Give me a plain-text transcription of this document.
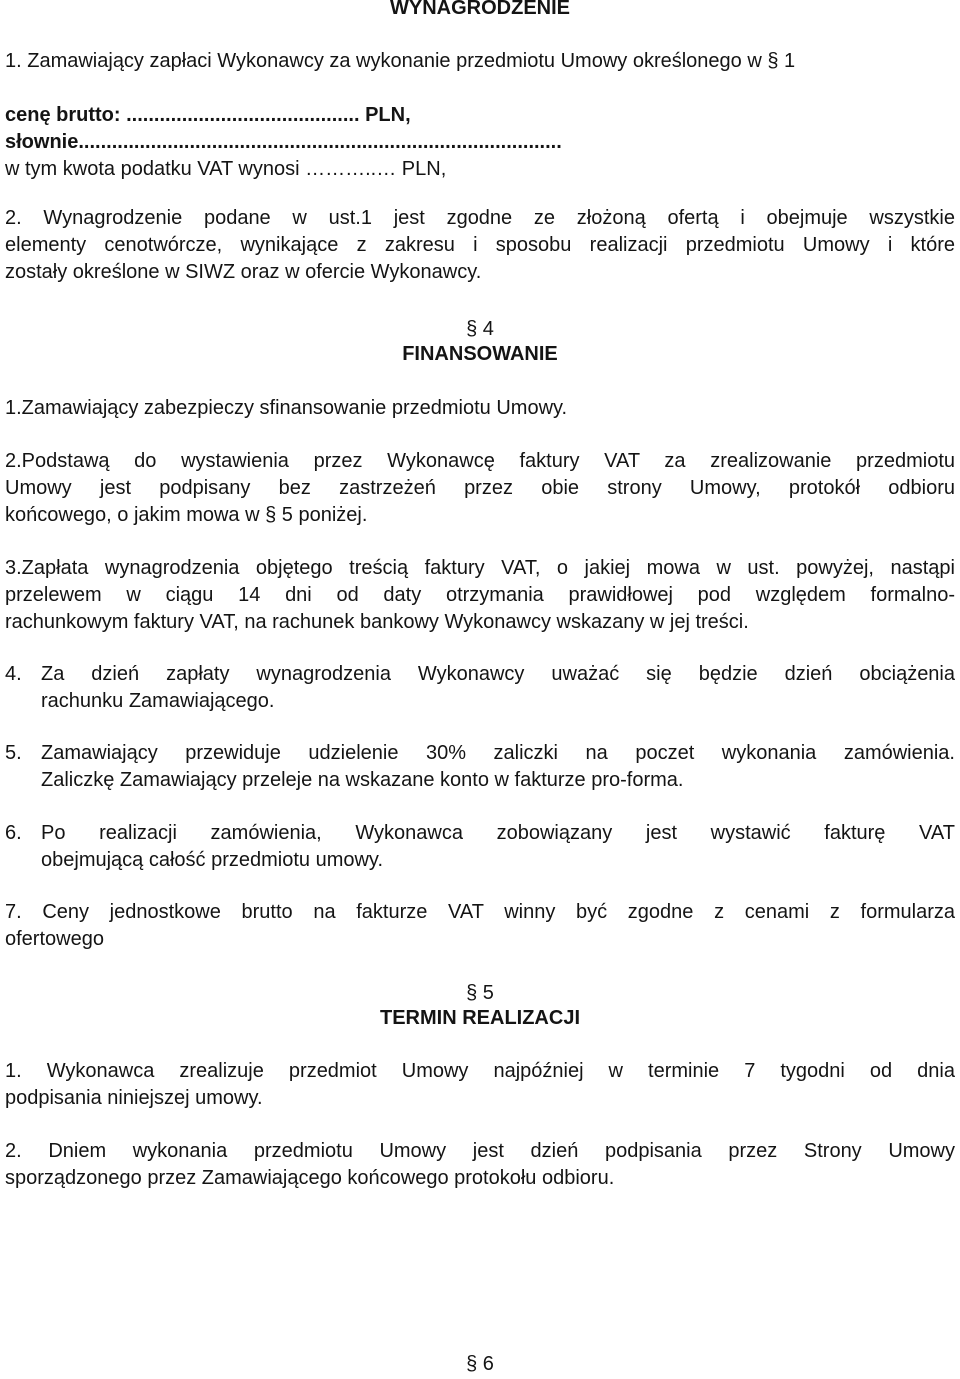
WYNAGRODZENIE

1. Zamawiający zapłaci Wykonawcy za wykonanie przedmiotu Umowy określonego w § 1

cenę brutto: .......................................... PLN,

słownie.......................................................................................

w tym kwota podatku VAT wynosi ………..… PLN,

2. Wynagrodzenie podane w ust.1 jest zgodne ze złożoną ofertą i obejmuje wszystkie

elementy cenotwórcze, wynikające z zakresu i sposobu realizacji przedmiotu Umowy i które

zostały określone w SIWZ oraz w ofercie Wykonawcy.

§ 4

FINANSOWANIE

1.Zamawiający zabezpieczy sfinansowanie przedmiotu Umowy.

2.Podstawą do wystawienia przez Wykonawcę faktury VAT za zrealizowanie przedmiotu

Umowy jest podpisany bez zastrzeżeń przez obie strony Umowy, protokół odbioru

końcowego, o jakim mowa w § 5 poniżej.

3.Zapłata wynagrodzenia objętego treścią faktury VAT, o jakiej mowa w ust. powyżej, nastąpi

przelewem w ciągu 14 dni od daty otrzymania prawidłowej pod względem formalno-

rachunkowym faktury VAT, na rachunek bankowy Wykonawcy wskazany w jej treści.

4. Za dzień zapłaty wynagrodzenia Wykonawcy uważać się będzie dzień obciążenia

rachunku Zamawiającego.

5. Zamawiający przewiduje udzielenie 30% zaliczki na poczet wykonania zamówienia.

Zaliczkę Zamawiający przeleje na wskazane konto w fakturze pro-forma.

6. Po realizacji zamówienia, Wykonawca zobowiązany jest wystawić fakturę VAT

obejmującą całość przedmiotu umowy.

7. Ceny jednostkowe brutto na fakturze VAT winny być zgodne z cenami z formularza

ofertowego

§ 5

TERMIN REALIZACJI

1. Wykonawca zrealizuje przedmiot Umowy najpóźniej w terminie 7 tygodni od dnia

podpisania niniejszej umowy.

2. Dniem wykonania przedmiotu Umowy jest dzień podpisania przez Strony Umowy

sporządzonego przez Zamawiającego końcowego protokołu odbioru.

§ 6
